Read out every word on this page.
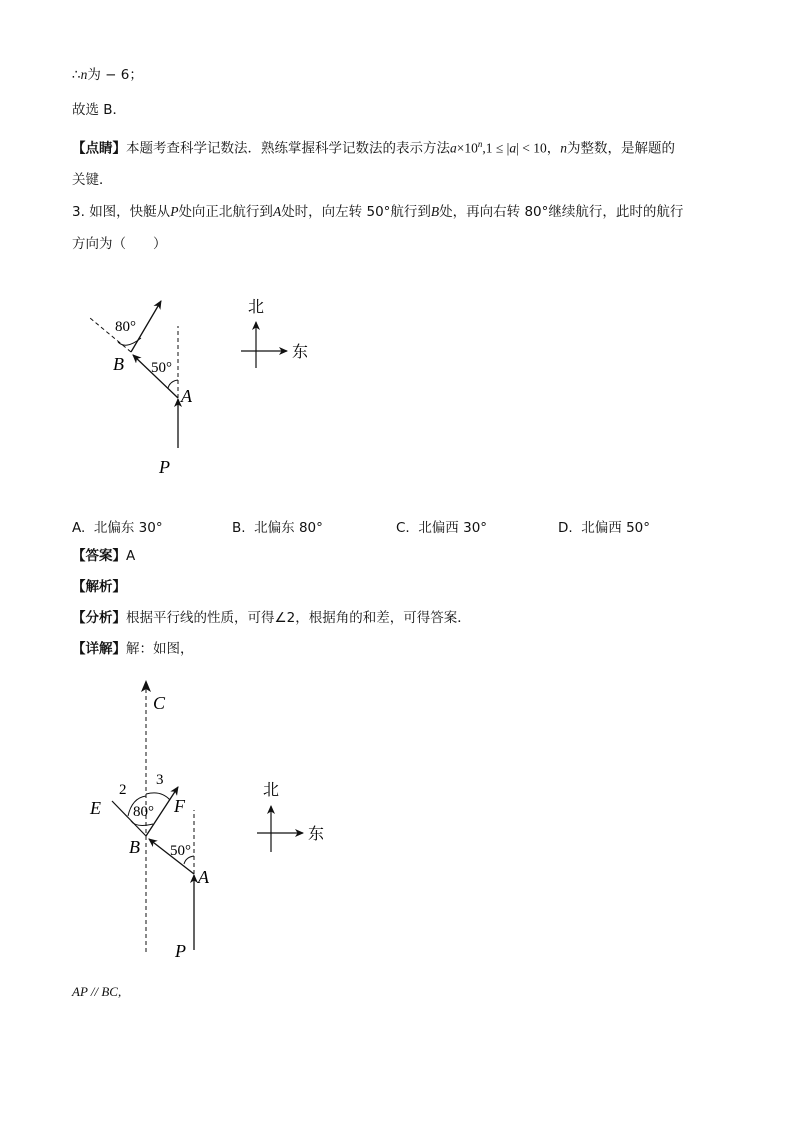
∴n为 − 6；
故选 B．
【点睛】本题考查科学记数法．熟练掌握科学记数法的表示方法$a\times 10^n,1 \le |a| < 10$，n为整数，是解题的
关键．
3. 如图，快艇从P处向正北航行到A处时，向左转 50°航行到B处，再向右转 80°继续航行，此时的航行
方向为（　　）
80°
50°
B
A
P
北
东
A. 北偏东 30°	B. 北偏东 80°	C. 北偏西 30°	D. 北偏西 50°
【答案】A
【解析】
【分析】根据平行线的性质，可得∠2，根据角的和差，可得答案．
【详解】解：如图，
C
2
3
E 80° F
B 50°
A
P
北
东
AP // BC,
